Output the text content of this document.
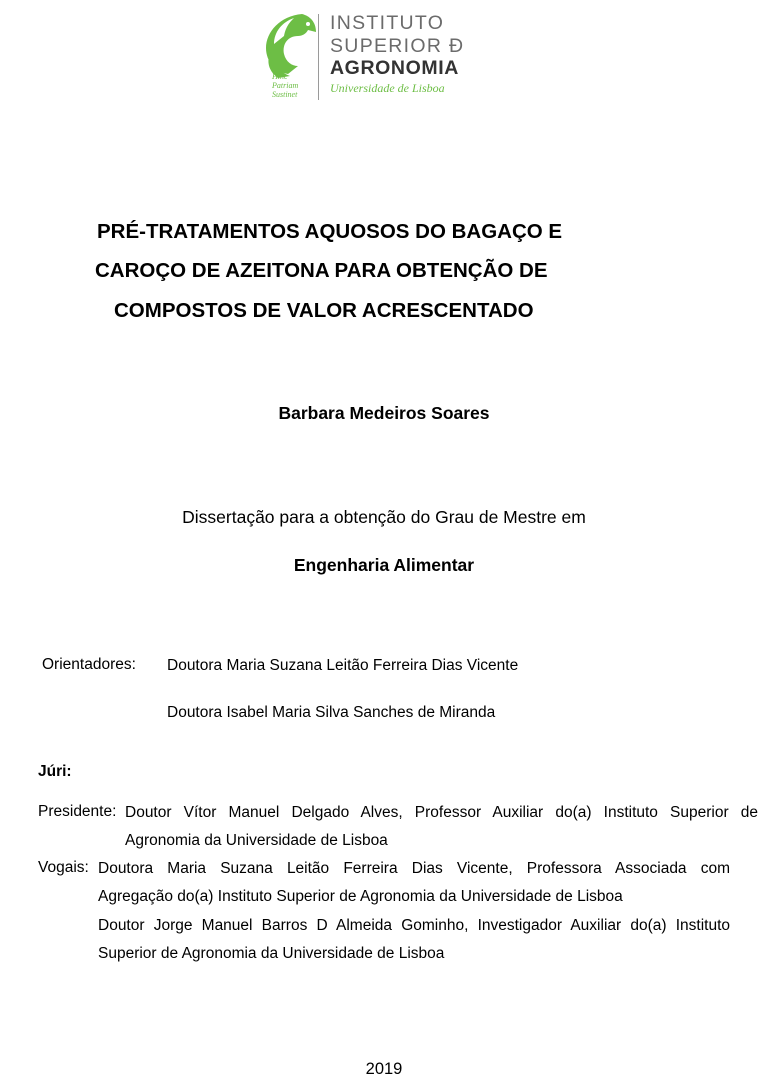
Hinc
Patriam
Sustinet
INSTITUTO
SUPERIOR Ð
AGRONOMIA
Universidade de Lisboa
PRÉ-TRATAMENTOS AQUOSOS DO BAGAÇO E
CAROÇO DE AZEITONA PARA OBTENÇÃO DE
COMPOSTOS DE VALOR ACRESCENTADO
Barbara Medeiros Soares
Dissertação para a obtenção do Grau de Mestre em
Engenharia Alimentar
Orientadores: Doutora Maria Suzana Leitão Ferreira Dias Vicente
Doutora Isabel Maria Silva Sanches de Miranda
Júri:
Presidente: Doutor Vítor Manuel Delgado Alves, Professor Auxiliar do(a) Instituto Superior de
Agronomia da Universidade de Lisboa
Vogais: Doutora Maria Suzana Leitão Ferreira Dias Vicente, Professora Associada com
Agregação do(a) Instituto Superior de Agronomia da Universidade de Lisboa
Doutor Jorge Manuel Barros D Almeida Gominho, Investigador Auxiliar do(a) Instituto
Superior de Agronomia da Universidade de Lisboa
2019
